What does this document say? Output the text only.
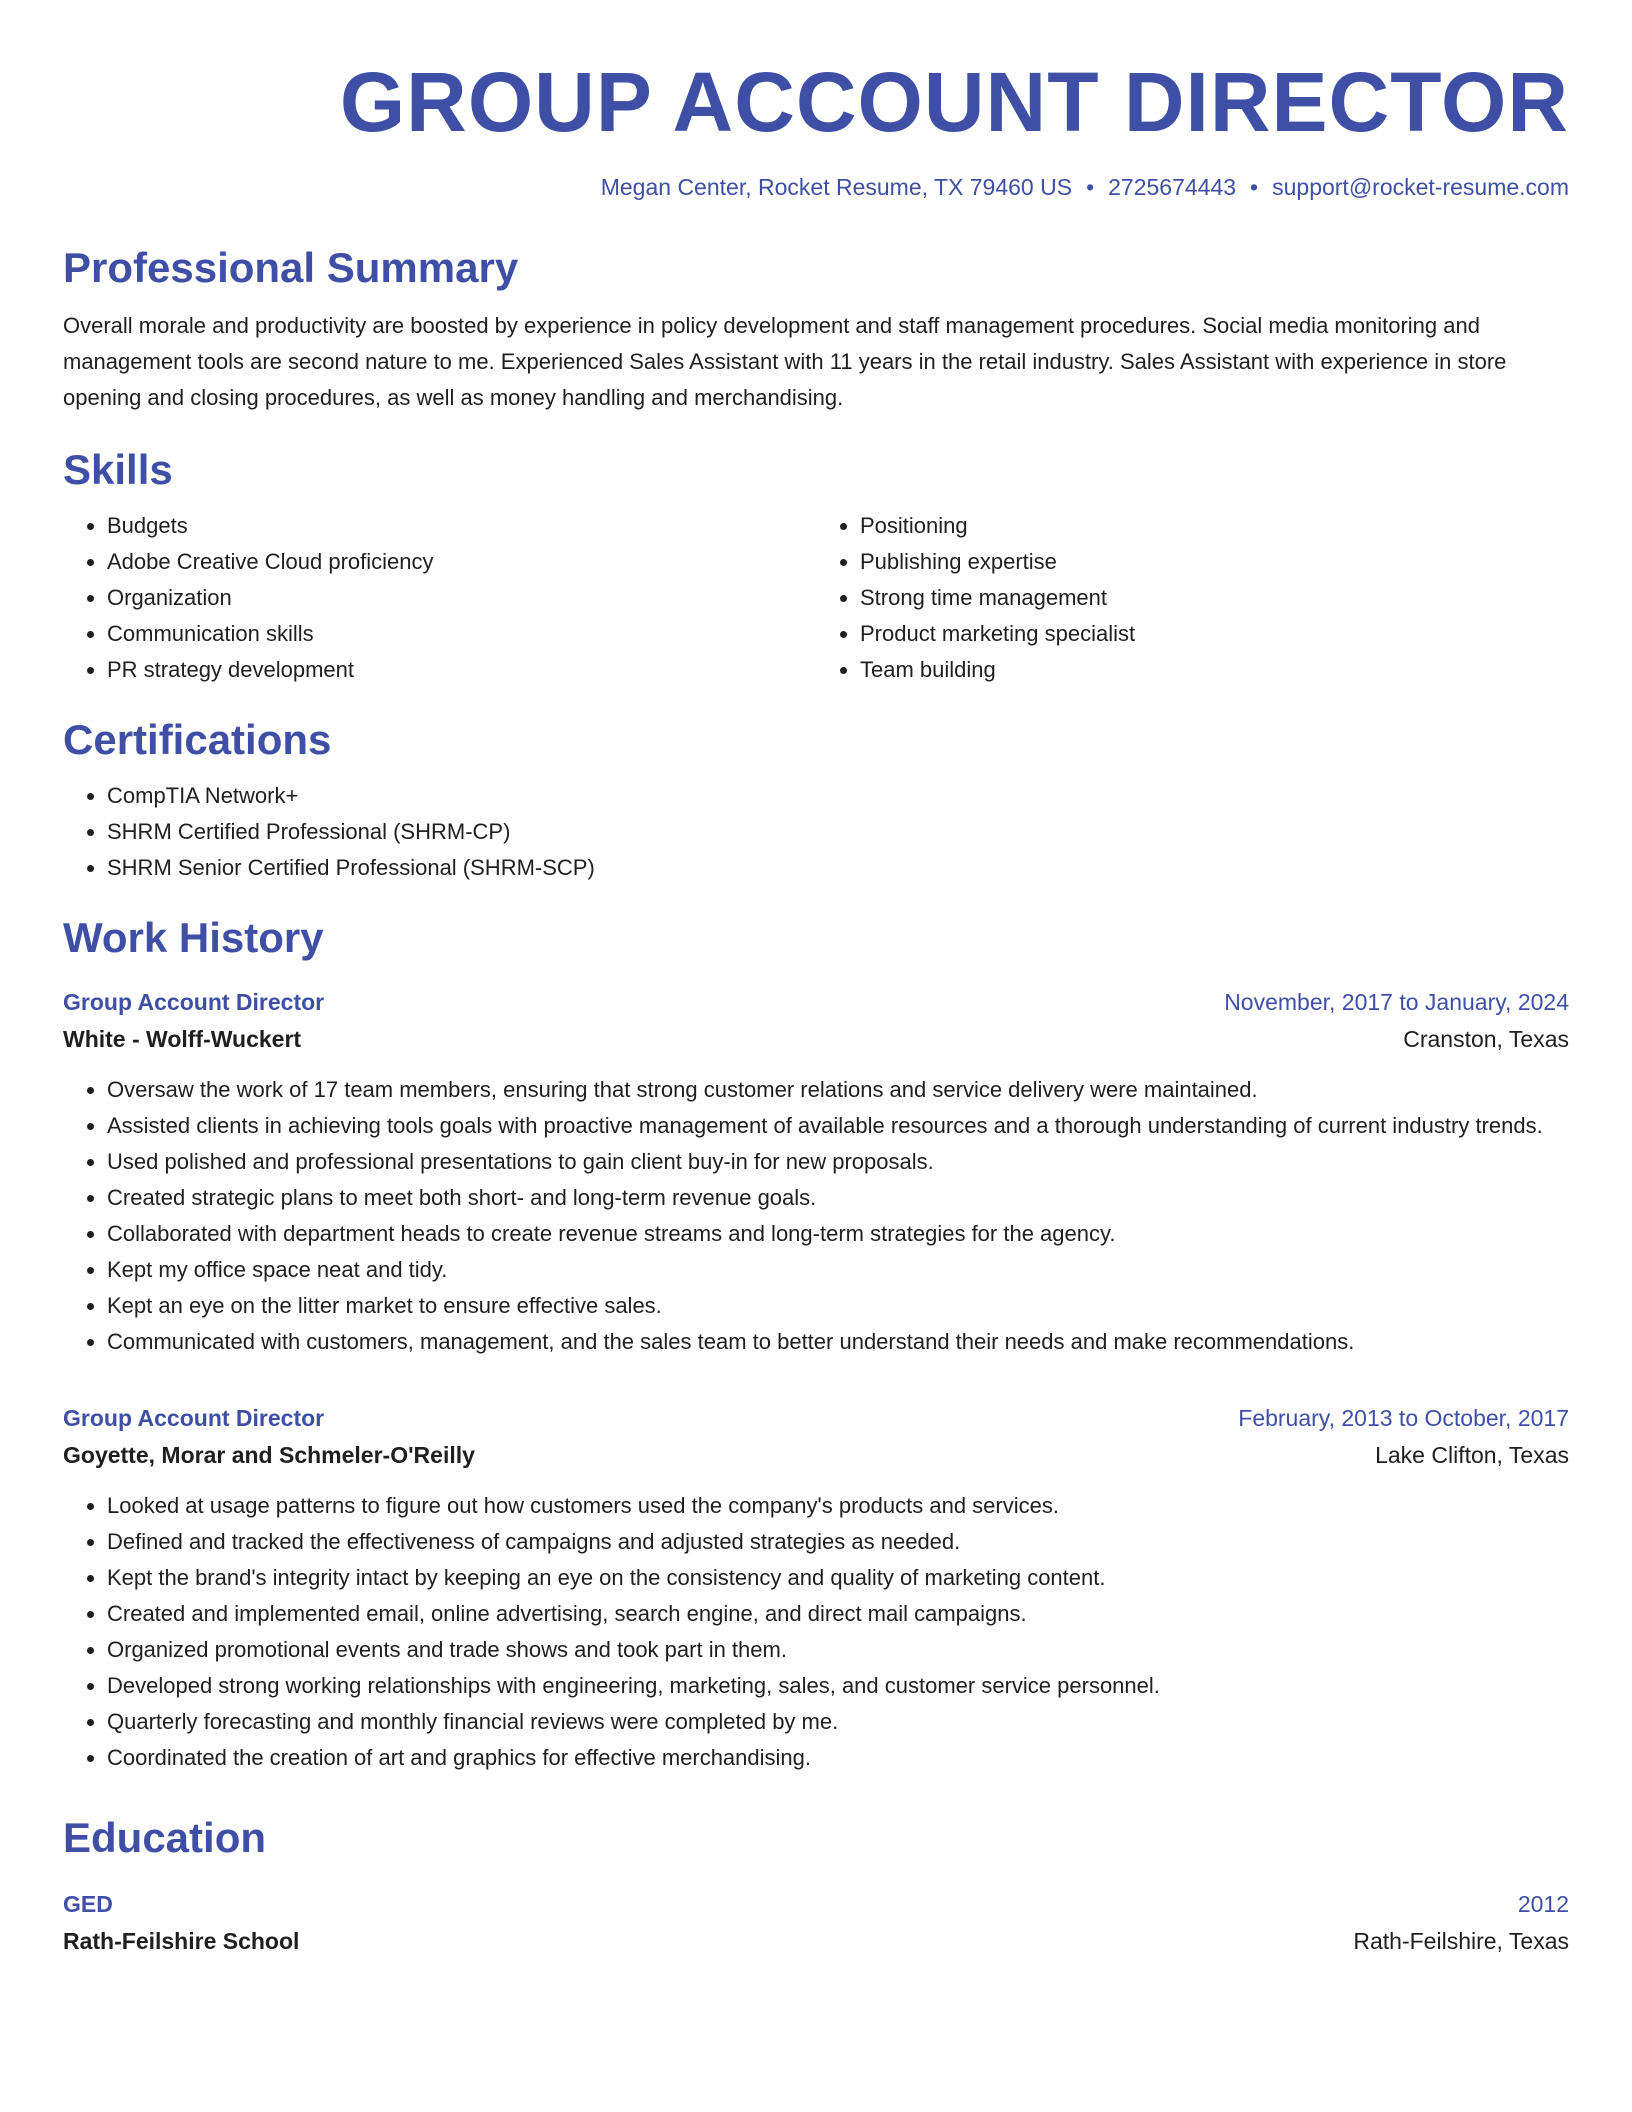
GROUP ACCOUNT DIRECTOR
Megan Center, Rocket Resume, TX 79460 US • 2725674443 • support@rocket-resume.com
Professional Summary
Overall morale and productivity are boosted by experience in policy development and staff management procedures. Social media monitoring and management tools are second nature to me. Experienced Sales Assistant with 11 years in the retail industry. Sales Assistant with experience in store opening and closing procedures, as well as money handling and merchandising.
Skills
• Budgets
• Adobe Creative Cloud proficiency
• Organization
• Communication skills
• PR strategy development
• Positioning
• Publishing expertise
• Strong time management
• Product marketing specialist
• Team building
Certifications
• CompTIA Network+
• SHRM Certified Professional (SHRM-CP)
• SHRM Senior Certified Professional (SHRM-SCP)
Work History
Group Account Director	November, 2017 to January, 2024
White - Wolff-Wuckert	Cranston, Texas
• Oversaw the work of 17 team members, ensuring that strong customer relations and service delivery were maintained.
• Assisted clients in achieving tools goals with proactive management of available resources and a thorough understanding of current industry trends.
• Used polished and professional presentations to gain client buy-in for new proposals.
• Created strategic plans to meet both short- and long-term revenue goals.
• Collaborated with department heads to create revenue streams and long-term strategies for the agency.
• Kept my office space neat and tidy.
• Kept an eye on the litter market to ensure effective sales.
• Communicated with customers, management, and the sales team to better understand their needs and make recommendations.
Group Account Director	February, 2013 to October, 2017
Goyette, Morar and Schmeler-O'Reilly	Lake Clifton, Texas
• Looked at usage patterns to figure out how customers used the company's products and services.
• Defined and tracked the effectiveness of campaigns and adjusted strategies as needed.
• Kept the brand's integrity intact by keeping an eye on the consistency and quality of marketing content.
• Created and implemented email, online advertising, search engine, and direct mail campaigns.
• Organized promotional events and trade shows and took part in them.
• Developed strong working relationships with engineering, marketing, sales, and customer service personnel.
• Quarterly forecasting and monthly financial reviews were completed by me.
• Coordinated the creation of art and graphics for effective merchandising.
Education
GED	2012
Rath-Feilshire School	Rath-Feilshire, Texas
